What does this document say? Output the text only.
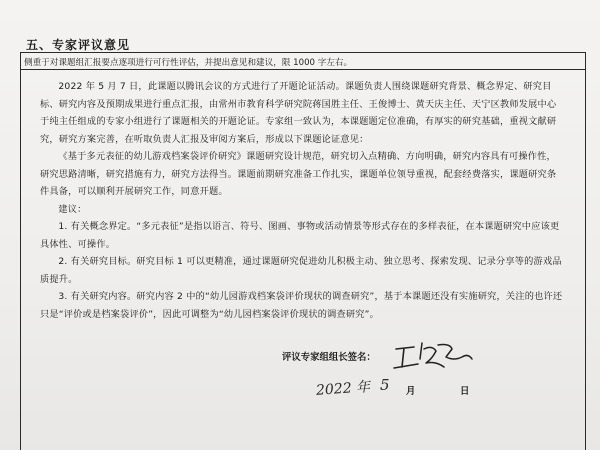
五、专家评议意见
侧重于对课题组汇报要点逐项进行可行性评估，并提出意见和建议，限 1000 字左右。

2022 年 5 月 7 日，此课题以腾讯会议的方式进行了开题论证活动。课题负责人围绕课题研究背景、概念界定、研究目标、研究内容及预期成果进行重点汇报，由常州市教育科学研究院蒋国胜主任、王俊博士、黄天庆主任、天宁区教师发展中心于纯主任组成的专家小组进行了课题相关的开题论证。专家组一致认为，本课题题定位准确，有厚实的研究基础，重视文献研究，研究方案完善，在听取负责人汇报及审阅方案后，形成以下课题论证意见：

《基于多元表征的幼儿游戏档案袋评价研究》课题研究设计规范，研究切入点精确、方向明确，研究内容具有可操作性，研究思路清晰，研究措施有力，研究方法得当。课题前期研究准备工作扎实，课题单位领导重视，配套经费落实，课题研究条件具备，可以顺利开展研究工作，同意开题。

建议：

1. 有关概念界定。“多元表征”是指以语言、符号、图画、事物或活动情景等形式存在的多样表征，在本课题研究中应该更具体性、可操作。

2. 有关研究目标。研究目标 1 可以更精准，通过课题研究促进幼儿积极主动、独立思考、探索发现、记录分享等的游戏品质提升。

3. 有关研究内容。研究内容 2 中的“幼儿园游戏档案袋评价现状的调查研究”，基于本课题还没有实施研究，关注的也许还只是“评价或是档案袋评价”，因此可调整为“幼儿园档案袋评价现状的调查研究”。

评议专家组组长签名：
2022 年 5 月	日
